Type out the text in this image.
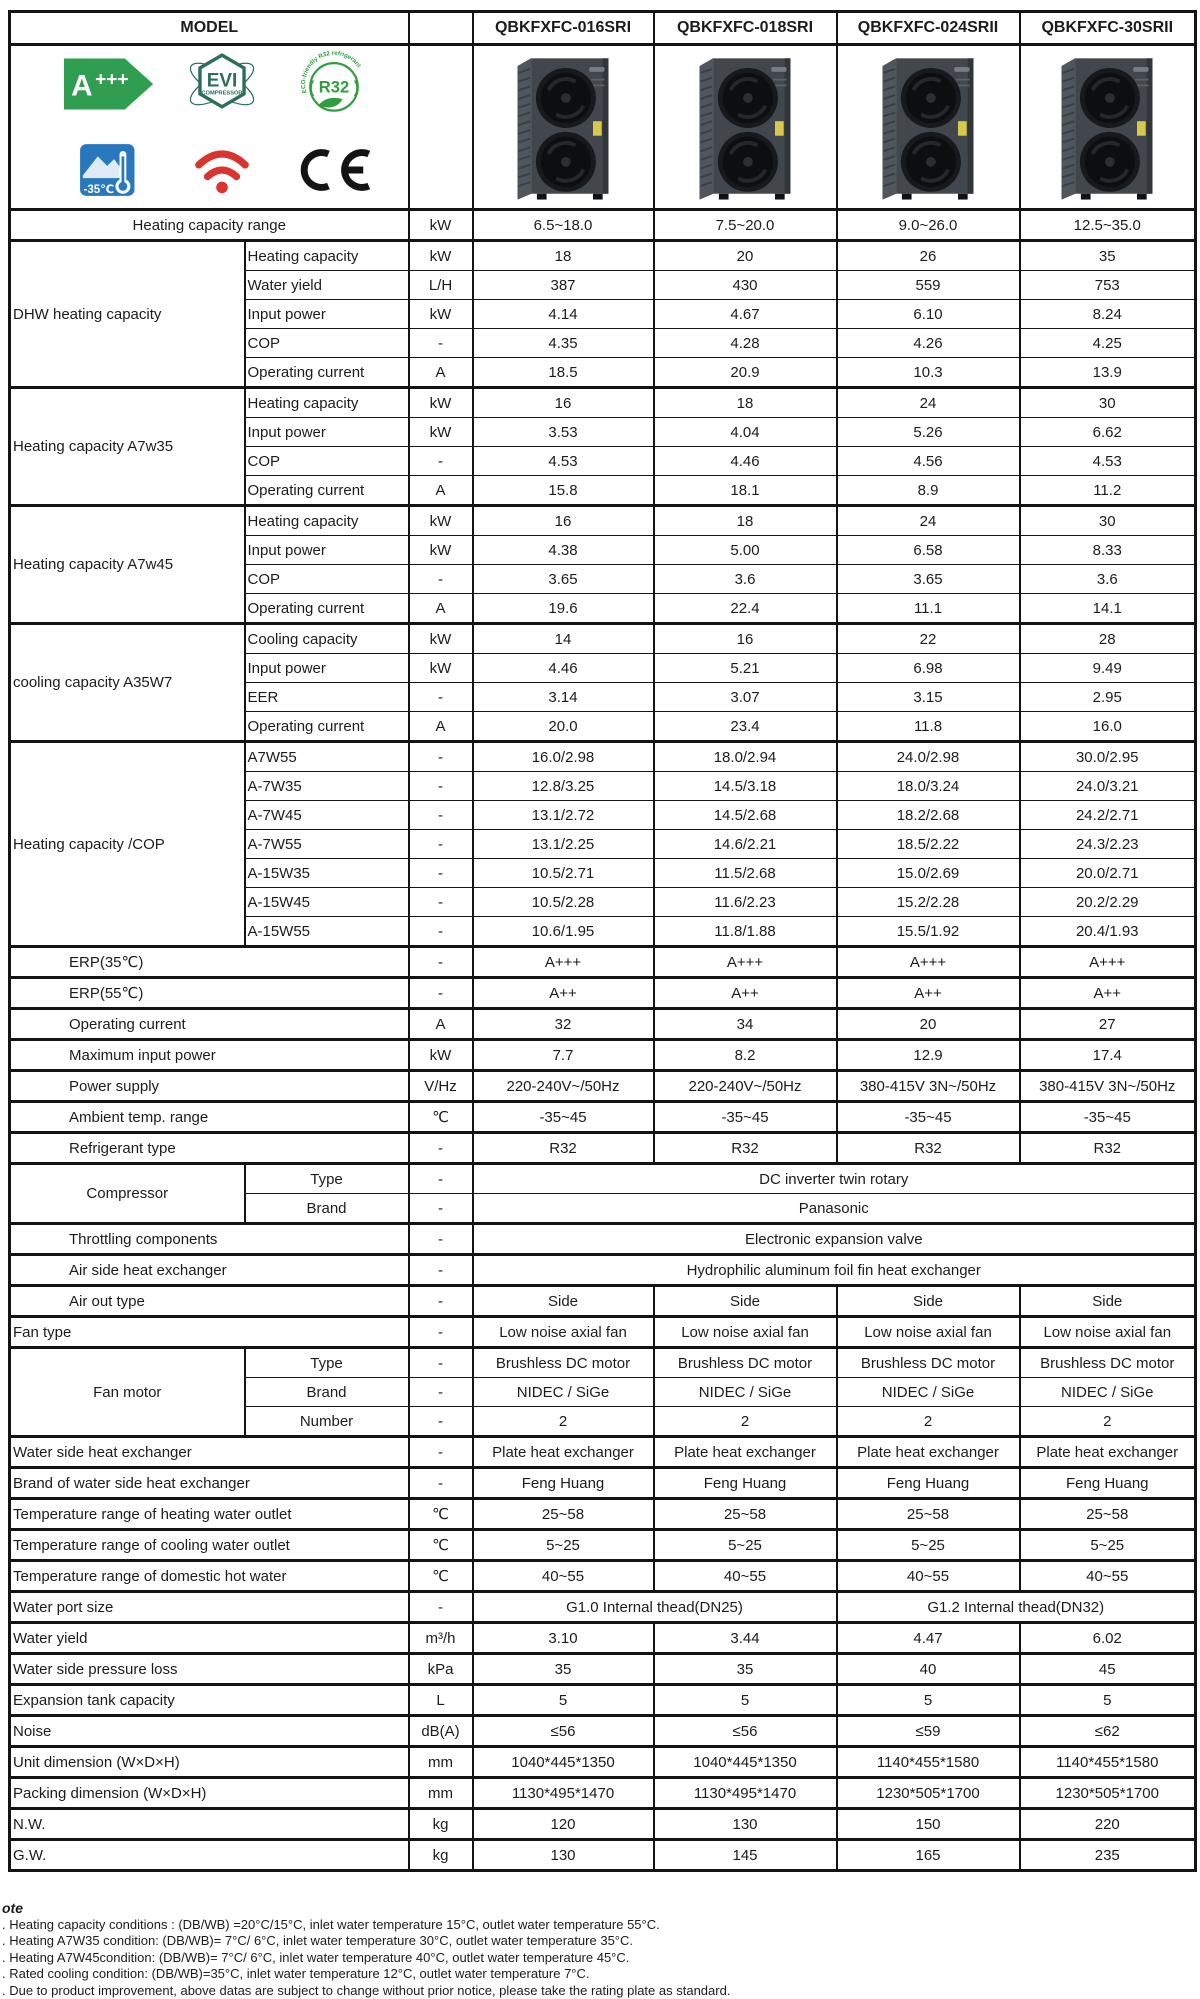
MODEL			QBKFXFC-016SRI	QBKFXFC-018SRI	QBKFXFC-024SRII	QBKFXFC-30SRII

A +++	EVI
COMPRESSOR	ECO-friendly R32 refrigerant
( R32 )
-35℃

Heating capacity range		kW	6.5~18.0	7.5~20.0	9.0~26.0	12.5~35.0
DHW heating capacity	Heating capacity	kW	18	20	26	35
	Water yield	L/H	387	430	559	753
	Input power	kW	4.14	4.67	6.10	8.24
	COP	-	4.35	4.28	4.26	4.25
	Operating current	A	18.5	20.9	10.3	13.9
Heating capacity A7w35	Heating capacity	kW	16	18	24	30
	Input power	kW	3.53	4.04	5.26	6.62
	COP	-	4.53	4.46	4.56	4.53
	Operating current	A	15.8	18.1	8.9	11.2
Heating capacity A7w45	Heating capacity	kW	16	18	24	30
	Input power	kW	4.38	5.00	6.58	8.33
	COP	-	3.65	3.6	3.65	3.6
	Operating current	A	19.6	22.4	11.1	14.1
cooling capacity A35W7	Cooling capacity	kW	14	16	22	28
	Input power	kW	4.46	5.21	6.98	9.49
	EER	-	3.14	3.07	3.15	2.95
	Operating current	A	20.0	23.4	11.8	16.0
Heating capacity /COP	A7W55	-	16.0/2.98	18.0/2.94	24.0/2.98	30.0/2.95
	A-7W35	-	12.8/3.25	14.5/3.18	18.0/3.24	24.0/3.21
	A-7W45	-	13.1/2.72	14.5/2.68	18.2/2.68	24.2/2.71
	A-7W55	-	13.1/2.25	14.6/2.21	18.5/2.22	24.3/2.23
	A-15W35	-	10.5/2.71	11.5/2.68	15.0/2.69	20.0/2.71
	A-15W45	-	10.5/2.28	11.6/2.23	15.2/2.28	20.2/2.29
	A-15W55	-	10.6/1.95	11.8/1.88	15.5/1.92	20.4/1.93
ERP(35℃)		-	A+++	A+++	A+++	A+++
ERP(55℃)		-	A++	A++	A++	A++
Operating current		A	32	34	20	27
Maximum input power		kW	7.7	8.2	12.9	17.4
Power supply		V/Hz	220-240V~/50Hz	220-240V~/50Hz	380-415V 3N~/50Hz	380-415V 3N~/50Hz
Ambient temp. range		℃	-35~45	-35~45	-35~45	-35~45
Refrigerant type		-	R32	R32	R32	R32
Compressor	Type	-	DC inverter twin rotary			
	Brand	-	Panasonic			
Throttling components		-	Electronic expansion valve			
Air side heat exchanger		-	Hydrophilic aluminum foil fin heat exchanger			
Air out type		-	Side	Side	Side	Side
Fan type		-	Low noise axial fan	Low noise axial fan	Low noise axial fan	Low noise axial fan
Fan motor	Type	-	Brushless DC motor	Brushless DC motor	Brushless DC motor	Brushless DC motor
	Brand	-	NIDEC / SiGe	NIDEC / SiGe	NIDEC / SiGe	NIDEC / SiGe
	Number	-	2	2	2	2
Water side heat exchanger		-	Plate heat exchanger	Plate heat exchanger	Plate heat exchanger	Plate heat exchanger
Brand of water side heat exchanger		-	Feng Huang	Feng Huang	Feng Huang	Feng Huang
Temperature range of heating water outlet		℃	25~58	25~58	25~58	25~58
Temperature range of cooling water outlet		℃	5~25	5~25	5~25	5~25
Temperature range of domestic hot water		℃	40~55	40~55	40~55	40~55
Water port size		-	G1.0 Internal thead(DN25)		G1.2 Internal thead(DN32)	
Water yield		m³/h	3.10	3.44	4.47	6.02
Water side pressure loss		kPa	35	35	40	45
Expansion tank capacity		L	5	5	5	5
Noise		dB(A)	≤56	≤56	≤59	≤62
Unit dimension (W×D×H)		mm	1040*445*1350	1040*445*1350	1140*455*1580	1140*455*1580
Packing dimension (W×D×H)		mm	1130*495*1470	1130*495*1470	1230*505*1700	1230*505*1700
N.W.		kg	120	130	150	220
G.W.		kg	130	145	165	235
ote
. Heating capacity conditions : (DB/WB) =20°C/15°C, inlet water temperature 15°C, outlet water temperature 55°C.
. Heating A7W35 condition: (DB/WB)= 7°C/ 6°C, inlet water temperature 30°C, outlet water temperature 35°C.
. Heating A7W45condition: (DB/WB)= 7°C/ 6°C, inlet water temperature 40°C, outlet water temperature 45°C.
. Rated cooling condition: (DB/WB)=35°C, inlet water temperature 12°C, outlet water temperature 7°C.
. Due to product improvement, above datas are subject to change without prior notice, please take the rating plate as standard.
